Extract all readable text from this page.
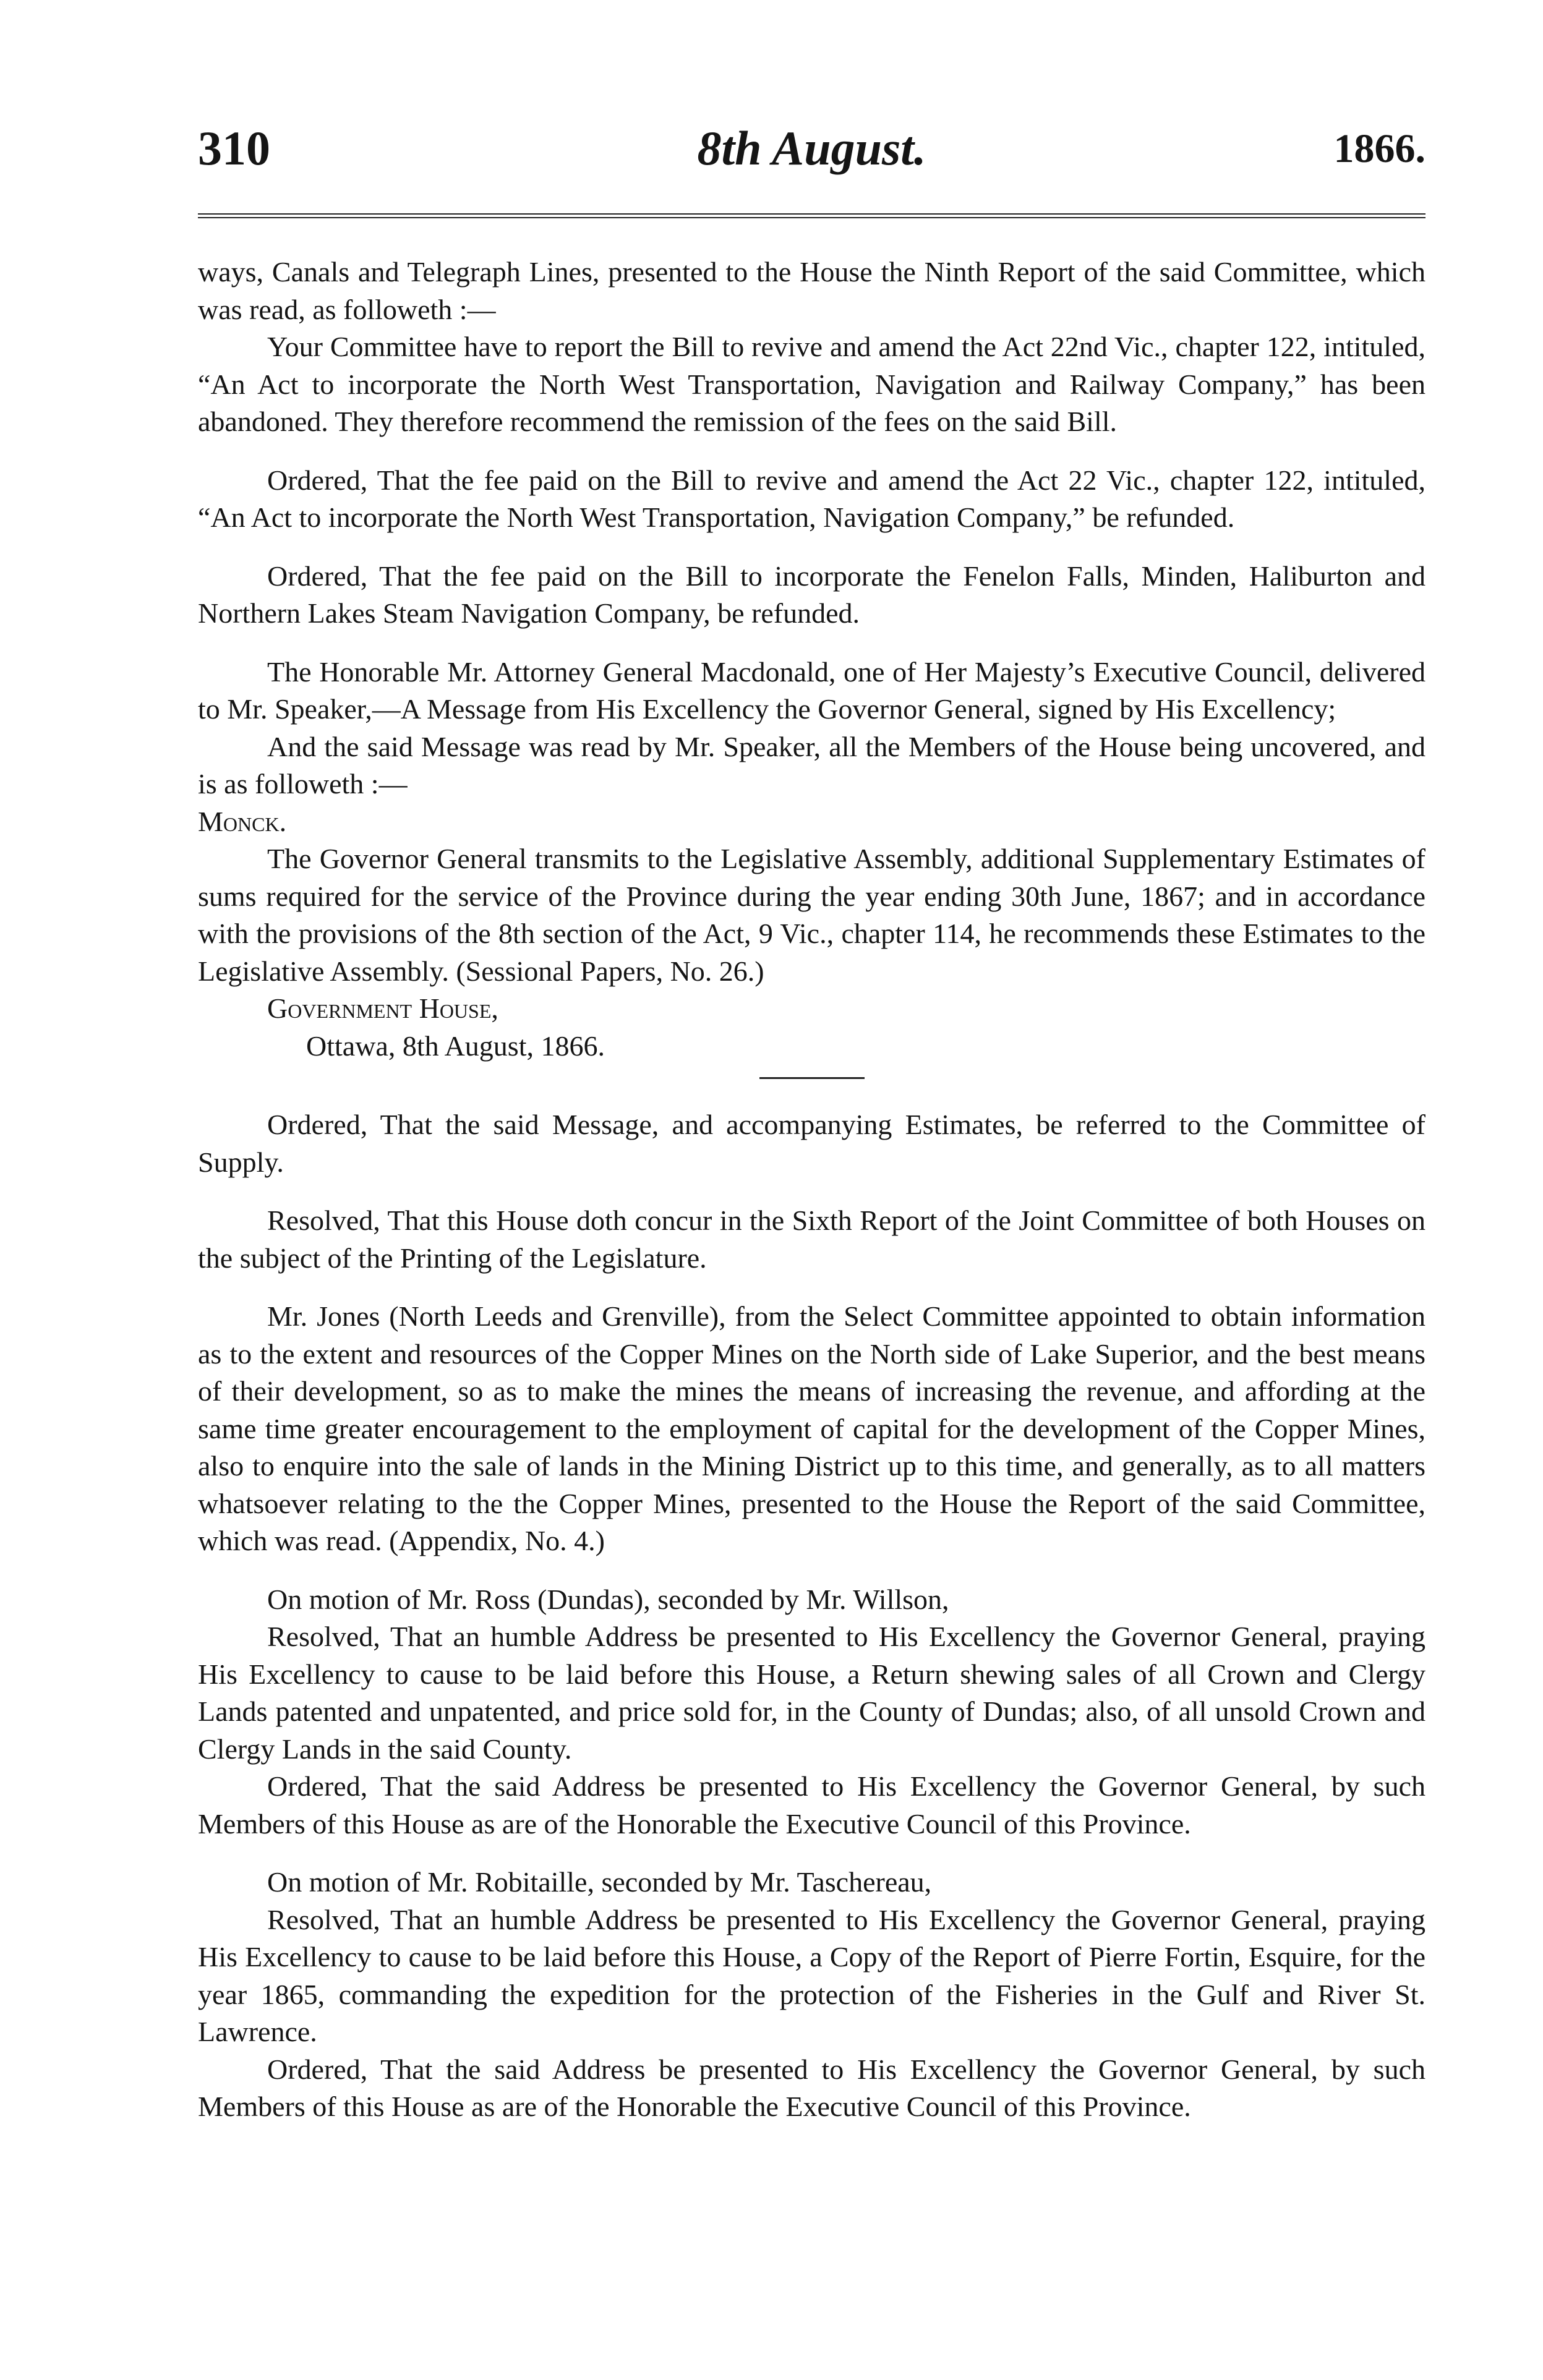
310	8th August.	1866.

ways, Canals and Telegraph Lines, presented to the House the Ninth Report of the said Committee, which was read, as followeth :—

Your Committee have to report the Bill to revive and amend the Act 22nd Vic., chapter 122, intituled, “An Act to incorporate the North West Transportation, Navigation and Railway Company,” has been abandoned. They therefore recommend the remission of the fees on the said Bill.

Ordered, That the fee paid on the Bill to revive and amend the Act 22 Vic., chapter 122, intituled, “An Act to incorporate the North West Transportation, Navigation Company,” be refunded.

Ordered, That the fee paid on the Bill to incorporate the Fenelon Falls, Minden, Haliburton and Northern Lakes Steam Navigation Company, be refunded.

The Honorable Mr. Attorney General Macdonald, one of Her Majesty’s Executive Council, delivered to Mr. Speaker,—A Message from His Excellency the Governor General, signed by His Excellency;

And the said Message was read by Mr. Speaker, all the Members of the House being uncovered, and is as followeth :—

Monck.

The Governor General transmits to the Legislative Assembly, additional Supplementary Estimates of sums required for the service of the Province during the year ending 30th June, 1867; and in accordance with the provisions of the 8th section of the Act, 9 Vic., chapter 114, he recommends these Estimates to the Legislative Assembly. (Sessional Papers, No. 26.)

Government House,

Ottawa, 8th August, 1866.

Ordered, That the said Message, and accompanying Estimates, be referred to the Committee of Supply.

Resolved, That this House doth concur in the Sixth Report of the Joint Committee of both Houses on the subject of the Printing of the Legislature.

Mr. Jones (North Leeds and Grenville), from the Select Committee appointed to obtain information as to the extent and resources of the Copper Mines on the North side of Lake Superior, and the best means of their development, so as to make the mines the means of increasing the revenue, and affording at the same time greater encouragement to the employment of capital for the development of the Copper Mines, also to enquire into the sale of lands in the Mining District up to this time, and generally, as to all matters whatsoever relating to the the Copper Mines, presented to the House the Report of the said Committee, which was read. (Appendix, No. 4.)

On motion of Mr. Ross (Dundas), seconded by Mr. Willson,

Resolved, That an humble Address be presented to His Excellency the Governor General, praying His Excellency to cause to be laid before this House, a Return shewing sales of all Crown and Clergy Lands patented and unpatented, and price sold for, in the County of Dundas; also, of all unsold Crown and Clergy Lands in the said County.

Ordered, That the said Address be presented to His Excellency the Governor General, by such Members of this House as are of the Honorable the Executive Council of this Province.

On motion of Mr. Robitaille, seconded by Mr. Taschereau,

Resolved, That an humble Address be presented to His Excellency the Governor General, praying His Excellency to cause to be laid before this House, a Copy of the Report of Pierre Fortin, Esquire, for the year 1865, commanding the expedition for the protection of the Fisheries in the Gulf and River St. Lawrence.

Ordered, That the said Address be presented to His Excellency the Governor General, by such Members of this House as are of the Honorable the Executive Council of this Province.
